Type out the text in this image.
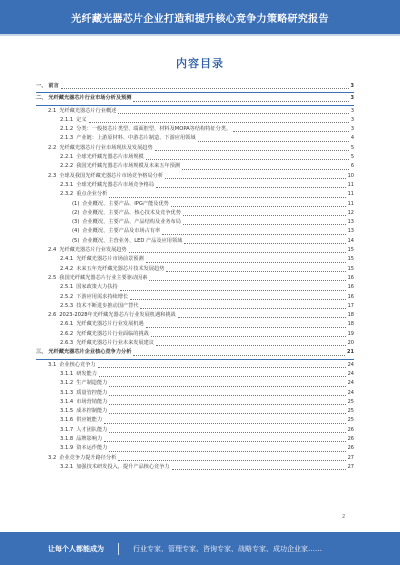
光纤藏光器芯片企业打造和提升核心竞争力策略研究报告
内容目录
一、 前言	3
二、 光纤藏光器芯片行业市场分析及预测	3
2.1 光纤藏光器芯片行业概述	3
2.1.1 定义	3
2.1.2 分类：一般按芯片类型、端面腔型、材料及MOPA等结构特征分类。	3
2.1.3 产业链：上游原材料、中游芯片制造、下游应用领域	4
2.2 光纤藏光器芯片行业市场现状及发展趋势	5
2.2.1 全球光纤藏光器芯片市场规模	5
2.2.2 我国光纤藏光器芯片市场规模及未来五年预测	6
2.3 全球及我国光纤藏光器芯片市场竞争格局分析	10
2.3.1 全球光纤藏光器芯片市场竞争格局	11
2.3.2 重点企业分析	11
(1) 企业概况、主要产品、IPG产能及优势	11
(2) 企业概况、主要产品、核心技术及竞争优势	12
(3) 企业概况、主要产品、产品结构及业务布局	13
(4) 企业概况、主要产品及市场占有率	13
(5) 企业概况、主营业务、LED 产品及应用领域	14
2.4 光纤藏光器芯片行业发展趋势	15
2.4.1 光纤藏光器芯片市场前景预测	15
2.4.2 未来五年光纤藏光器芯片技术发展趋势	15
2.5 我国光纤藏光器芯片行业主要驱动因素	16
2.5.1 国家政策大力扶持	16
2.5.2 下游应用需求持续增长	16
2.5.3 技术不断进步推动国产替代	17
2.6 2023-2028年光纤藏光器芯片行业发展机遇和挑战	18
2.6.1 光纤藏光器芯片行业发展机遇	18
2.6.2 光纤藏光器芯片行业面临的挑战	19
2.6.3 光纤藏光器芯片行业未来发展建议	20
三、 光纤藏光器芯片企业核心竞争力分析	21
3.1 企业核心竞争力	24
3.1.1 研发能力	24
3.1.2 生产制造能力	24
3.1.3 质量管控能力	24
3.1.4 市场营销能力	25
3.1.5 成本控制能力	25
3.1.6 供应链能力	25
3.1.7 人才团队能力	26
3.1.8 品牌影响力	26
3.1.9 资本运作能力	26
3.2 企业竞争力提升路径分析	27
3.2.1 加强技术研发投入，提升产品核心竞争力	27
2
让每个人都能成为	行业专家、管理专家、咨询专家、战略专家、成功企业家……
